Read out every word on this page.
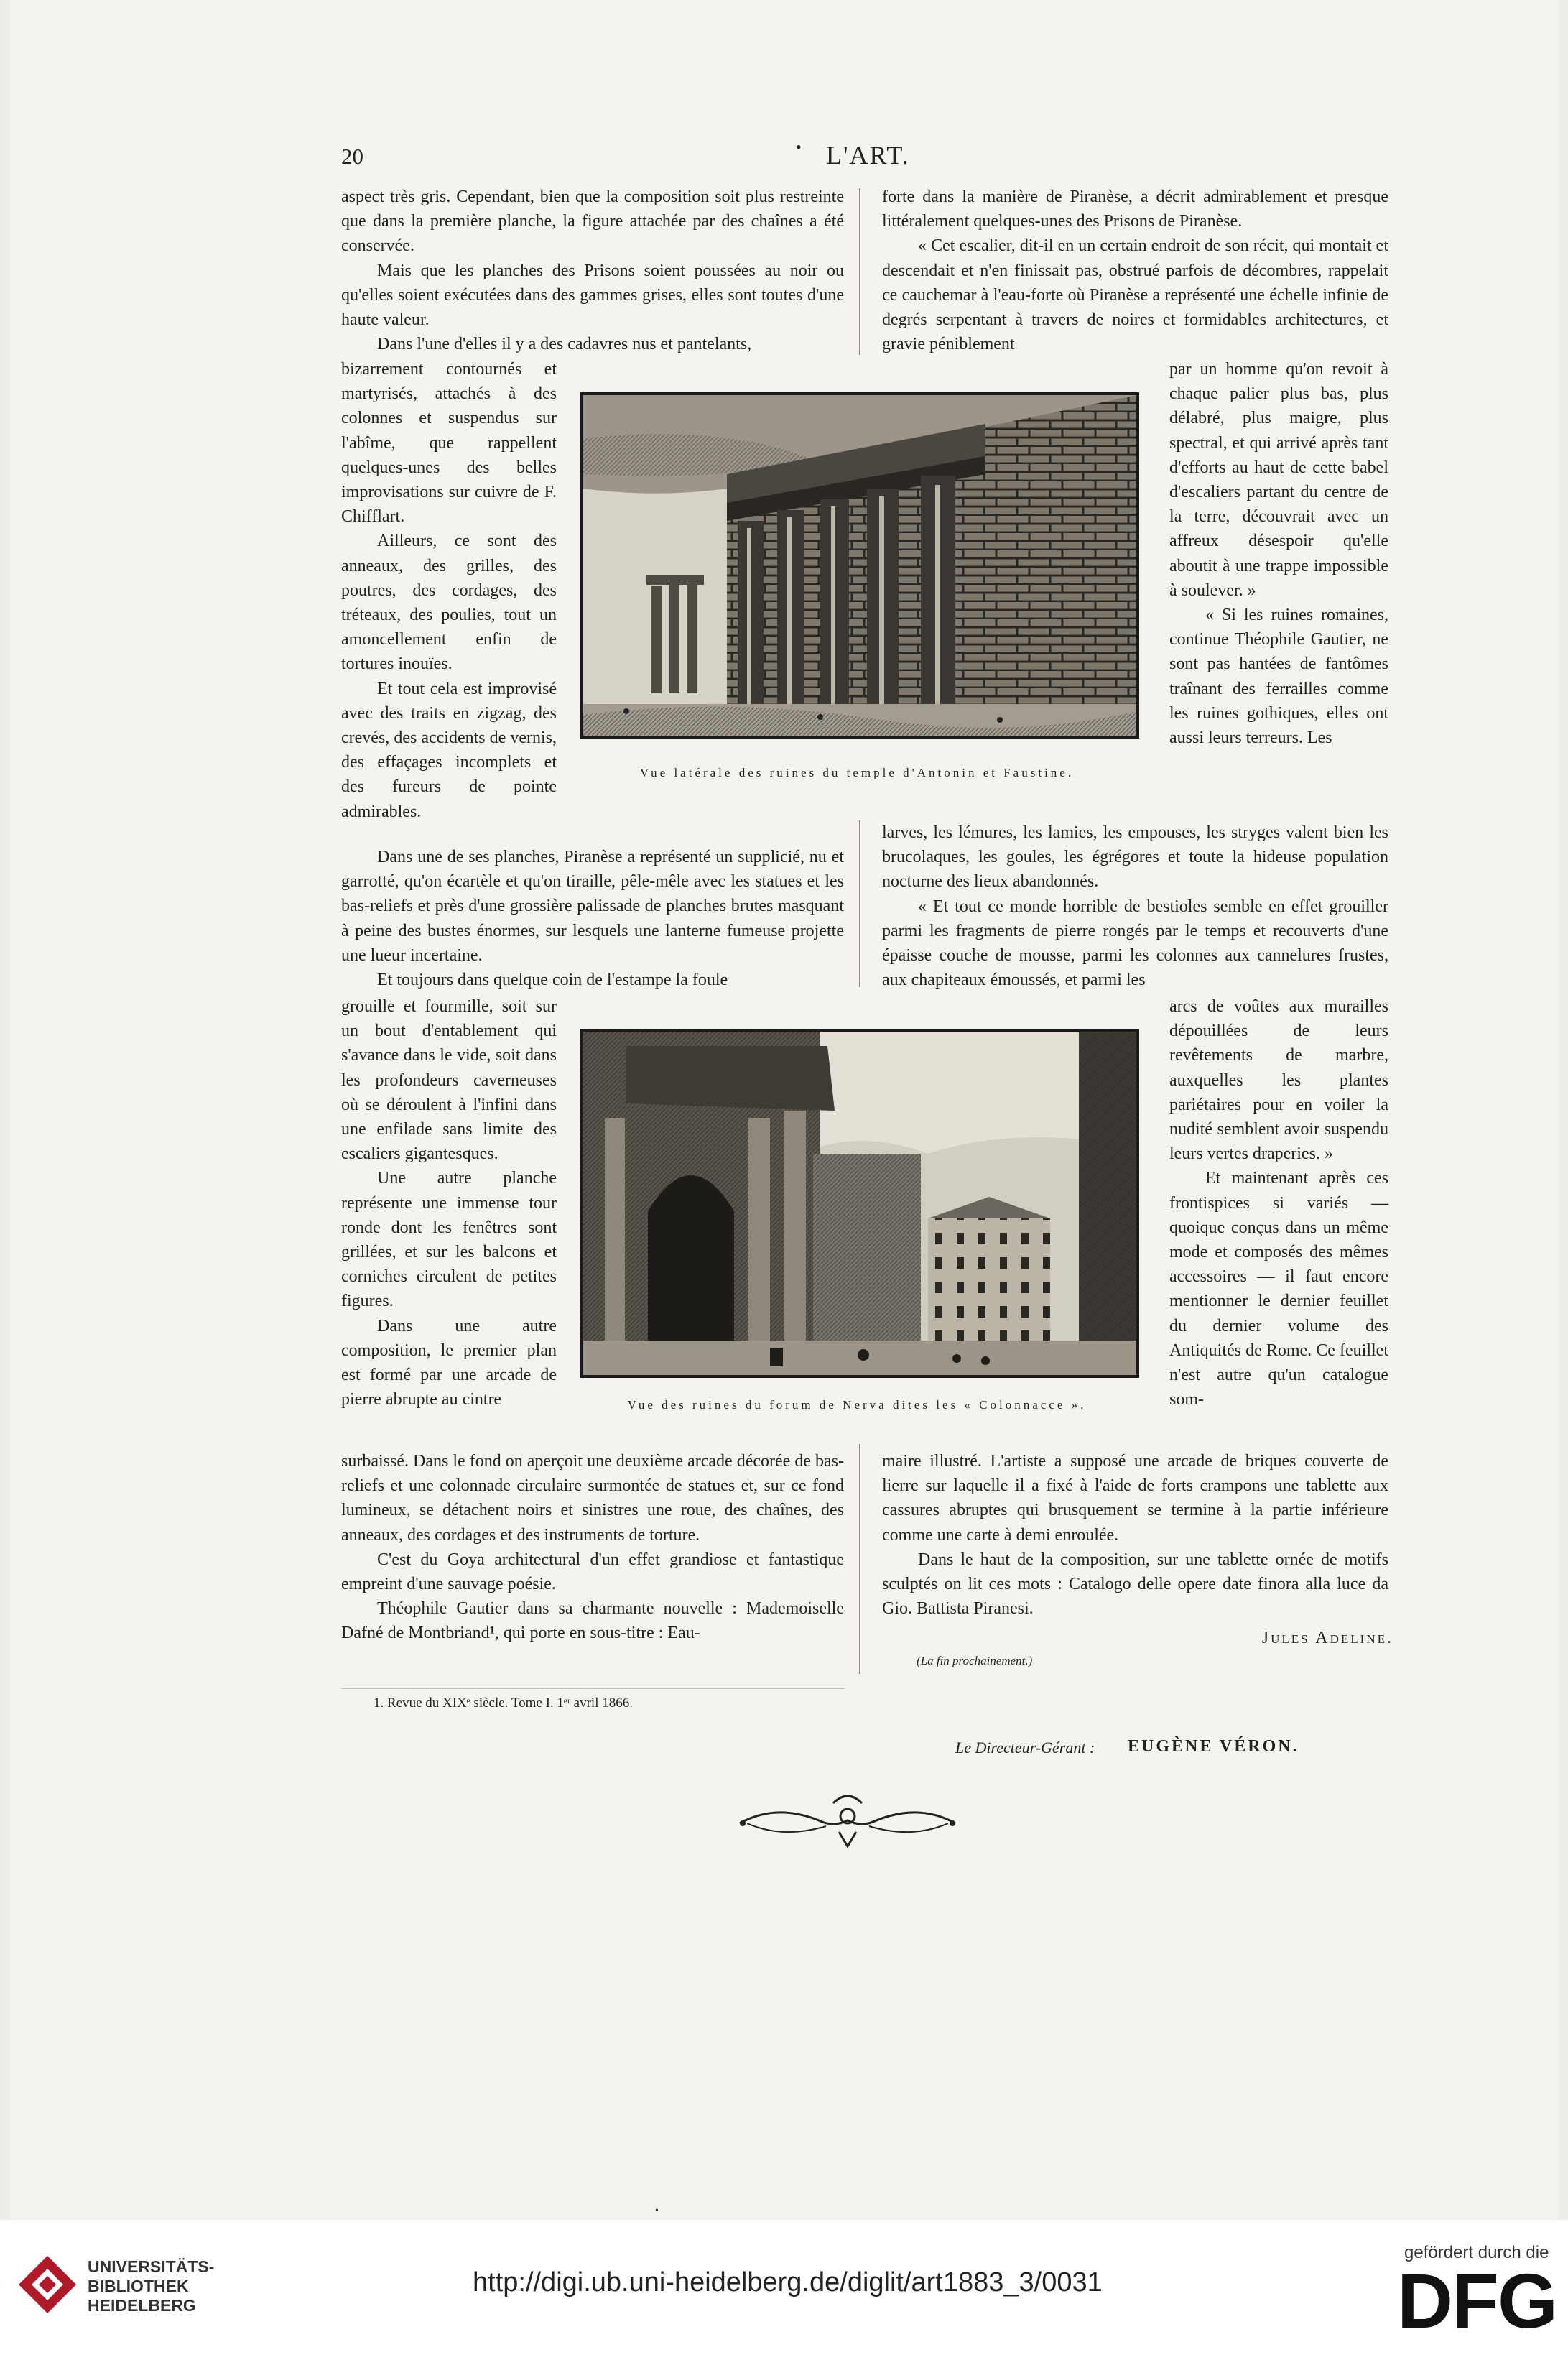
20	• L'ART.

aspect très gris. Cependant, bien que la composition soit plus restreinte que dans la première planche, la figure attachée par des chaînes a été conservée.

Mais que les planches des Prisons soient poussées au noir ou qu'elles soient exécutées dans des gammes grises, elles sont toutes d'une haute valeur.

Dans l'une d'elles il y a des cadavres nus et pantelants,

bizarrement contournés et martyrisés, attachés à des colonnes et suspendus sur l'abîme, que rappellent quelques-unes des belles improvisations sur cuivre de F. Chifflart.

Ailleurs, ce sont des anneaux, des grilles, des poutres, des cordages, des tréteaux, des poulies, tout un amoncellement enfin de tortures inouïes.

Et tout cela est improvisé avec des traits en zigzag, des crevés, des accidents de vernis, des effaçages incomplets et des fureurs de pointe admirables.

Dans une de ses planches, Piranèse a représenté un supplicié, nu et garrotté, qu'on écartèle et qu'on tiraille, pêle-mêle avec les statues et les bas-reliefs et près d'une grossière palissade de planches brutes masquant à peine des bustes énormes, sur lesquels une lanterne fumeuse projette une lueur incertaine.

Et toujours dans quelque coin de l'estampe la foule

grouille et fourmille, soit sur un bout d'entablement qui s'avance dans le vide, soit dans les profondeurs caverneuses où se déroulent à l'infini dans une enfilade sans limite des escaliers gigantesques.

Une autre planche représente une immense tour ronde dont les fenêtres sont grillées, et sur les balcons et corniches circulent de petites figures.

Dans une autre composition, le premier plan est formé par une arcade de pierre abrupte au cintre

surbaissé. Dans le fond on aperçoit une deuxième arcade décorée de bas-reliefs et une colonnade circulaire surmontée de statues et, sur ce fond lumineux, se détachent noirs et sinistres une roue, des chaînes, des anneaux, des cordages et des instruments de torture.

C'est du Goya architectural d'un effet grandiose et fantastique empreint d'une sauvage poésie.

Théophile Gautier dans sa charmante nouvelle : Mademoiselle Dafné de Montbriand¹, qui porte en sous-titre : Eau-

forte dans la manière de Piranèse, a décrit admirablement et presque littéralement quelques-unes des Prisons de Piranèse.

« Cet escalier, dit-il en un certain endroit de son récit, qui montait et descendait et n'en finissait pas, obstrué parfois de décombres, rappelait ce cauchemar à l'eau-forte où Piranèse a représenté une échelle infinie de degrés serpentant à travers de noires et formidables architectures, et gravie péniblement

par un homme qu'on revoit à chaque palier plus bas, plus délabré, plus maigre, plus spectral, et qui arrivé après tant d'efforts au haut de cette babel d'escaliers partant du centre de la terre, découvrait avec un affreux désespoir qu'elle aboutit à une trappe impossible à soulever. »

« Si les ruines romaines, continue Théophile Gautier, ne sont pas hantées de fantômes traînant des ferrailles comme les ruines gothiques, elles ont aussi leurs terreurs. Les

larves, les lémures, les lamies, les empouses, les stryges valent bien les brucolaques, les goules, les égrégores et toute la hideuse population nocturne des lieux abandonnés.

« Et tout ce monde horrible de bestioles semble en effet grouiller parmi les fragments de pierre rongés par le temps et recouverts d'une épaisse couche de mousse, parmi les colonnes aux cannelures frustes, aux chapiteaux émoussés, et parmi les

arcs de voûtes aux murailles dépouillées de leurs revêtements de marbre, auxquelles les plantes pariétaires pour en voiler la nudité semblent avoir suspendu leurs vertes draperies. »

Et maintenant après ces frontispices si variés — quoique conçus dans un même mode et composés des mêmes accessoires — il faut encore mentionner le dernier feuillet du dernier volume des Antiquités de Rome. Ce feuillet n'est autre qu'un catalogue som-

maire illustré. L'artiste a supposé une arcade de briques couverte de lierre sur laquelle il a fixé à l'aide de forts crampons une tablette aux cassures abruptes qui brusquement se termine à la partie inférieure comme une carte à demi enroulée.

Dans le haut de la composition, sur une tablette ornée de motifs sculptés on lit ces mots : Catalogo delle opere date finora alla luce da Gio. Battista Piranesi.

Jules Adeline.
(La fin prochainement.)
Vue latérale des ruines du temple d'Antonin et Faustine.
Vue des ruines du forum de Nerva dites les « Colonnacce ».
1. Revue du XIXᵉ siècle. Tome I. 1ᵉʳ avril 1866.
Le Directeur-Gérant : EUGÈNE VÉRON.
•
UNIVERSITÄTS-
BIBLIOTHEK
HEIDELBERG
http://digi.ub.uni-heidelberg.de/diglit/art1883_3/0031
gefördert durch die
DFG
